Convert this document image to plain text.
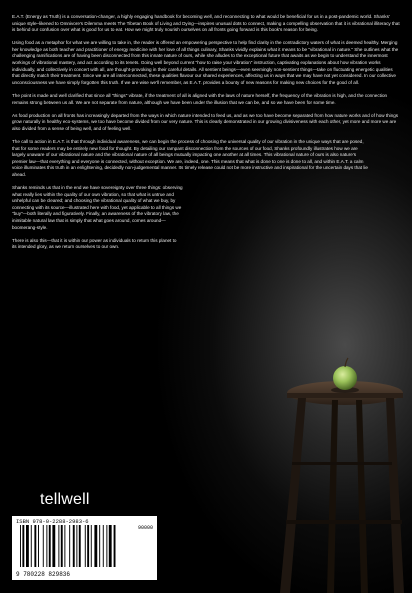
E.A.T. (Energy as Truth) is a conversation-changer, a highly engaging handbook for becoming well, and reconnecting to what would be beneficial for us in a post-pandemic world. Shanks' unique style–likened to Omnivore's Dilemma meets The Tibetan Book of Living and Dying—inspires unusual dots to connect, making a compelling observation that it is vibrational illiteracy that is behind our confusion over what is good for us to eat. How we might truly nourish ourselves on all fronts going forward is this book's reason for being.

Using food as a metaphor for what we are willing to take in, the reader is offered an empowering perspective to help find clarity in the contradictory waters of what is deemed healthy. Merging her knowledge as both teacher and practitioner of energy medicine with her love of all things culinary, Shanks vividly explains what it means to be "vibrational in nature." She outlines what the challenging ramifications are of having been disconnected from this innate nature of ours, while she alludes to the exceptional future that awaits as we begin to understand the innermost workings of vibrational mastery, and act according to its tenets. Going well beyond current "how to raise your vibration" instruction, captivating explanations about how vibration works individually, and collectively in concert with all, are thought-provoking in their careful details. All sentient beings—even seemingly non-sentient things—take on fluctuating energetic qualities that directly match their treatment. Since we are all interconnected, these qualities flavour our shared experiences, affecting us in ways that we may have not yet considered. In our collective unconsciousness we have simply forgotten this truth. If we are wise we'll remember, as E.A.T. provides a bounty of new reasons for making new choices for the good of all.

The point is made and well clarified that since all "things" vibrate, if the treatment of all is aligned with the laws of nature herself, the frequency of the vibration is high, and the connection remains strong between us all. We are not separate from nature, although we have been under the illusion that we can be, and so we have been for some time.

As food production on all fronts has increasingly departed from the ways in which nature intended to feed us, and as we too have become separated from how nature works and of how things grow naturally in healthy eco-systems, we too have become divided from our very nature. This is clearly demonstrated in our growing divisiveness with each other, yet more and more we are also divided from a sense of being well, and of feeling well.

The call to action in E.A.T. is that through individual awareness, we can begin the process of choosing the universal quality of our vibration in the unique ways that are posed, that for some readers may be entirely new food for thought. By detailing our rampant disconnection from the sources of our food, Shanks profoundly illustrates how we are largely unaware of our vibrational nature and the vibrational nature of all beings mutually impacting one another at all times. This vibrational nature of ours is also nature's premier law—that everything and everyone is connected, without exception. We are, indeed, one. This means that what is done to one is done to all, and within E.A.T. a calm voice illuminates this truth in an enlightening, decidedly non-judgemental manner. Its timely release could not be more instructive and inspirational for the uncertain days that lie ahead.

Shanks reminds us that in the end we have sovereignty over three things: observing what really lies within the quality of our own vibration, so that what is untrue and unhelpful can be cleared; and choosing the vibrational quality of what we buy, by connecting with its source—illustrated here with food, yet applicable to all things we "buy"—both literally and figuratively. Finally, an awareness of the vibratory law, the inimitable natural law that is simply that what goes around, comes around—boomerang-style.

There is also this—that it is within our power as individuals to return this planet to its intended glory, as we return ourselves to our own.

tellwell
ISBN 978-0-2288-2983-6
90000
9 780228 829836
